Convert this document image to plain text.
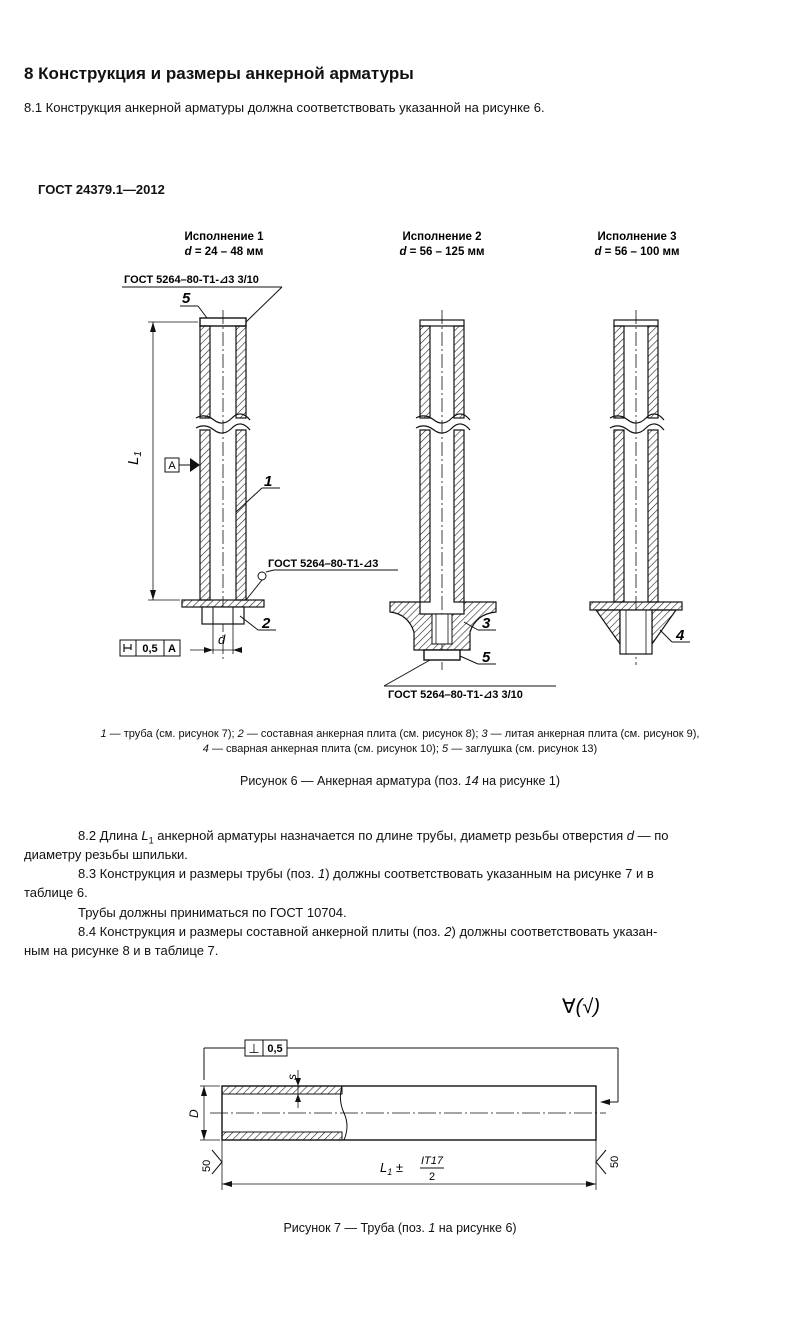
8 Конструкция и размеры анкерной арматуры
8.1 Конструкция анкерной арматуры должна соответствовать указанной на рисунке 6.
ГОСТ 24379.1—2012
Исполнение 1
d = 24 – 48 мм
Исполнение 2
d = 56 – 125 мм
Исполнение 3
d = 56 – 100 мм
ГОСТ 5264–80-Т1-⊿3 3/10
5
$L_1$
A
1
ГОСТ 5264–80-Т1-⊿3
2
d
0,5 A
3
5
ГОСТ 5264–80-Т1-⊿3 3/10
4
1 — труба (см. рисунок 7); 2 — составная анкерная плита (см. рисунок 8); 3 — литая анкерная плита (см. рисунок 9),
4 — сварная анкерная плита (см. рисунок 10); 5 — заглушка (см. рисунок 13)
Рисунок 6 — Анкерная арматура (поз. 14 на рисунке 1)
8.2 Длина $L_1$ анкерной арматуры назначается по длине трубы, диаметр резьбы отверстия d — по
диаметру резьбы шпильки.
8.3 Конструкция и размеры трубы (поз. 1) должны соответствовать указанным на рисунке 7 и в
таблице 6.
Трубы должны приниматься по ГОСТ 10704.
8.4 Конструкция и размеры составной анкерной плиты (поз. 2) должны соответствовать указан-
ным на рисунке 8 и в таблице 7.
∀(√)
⊥ 0,5
s
D
50	50
$L_1 \pm IT17$
2
Рисунок 7 — Труба (поз. 1 на рисунке 6)
